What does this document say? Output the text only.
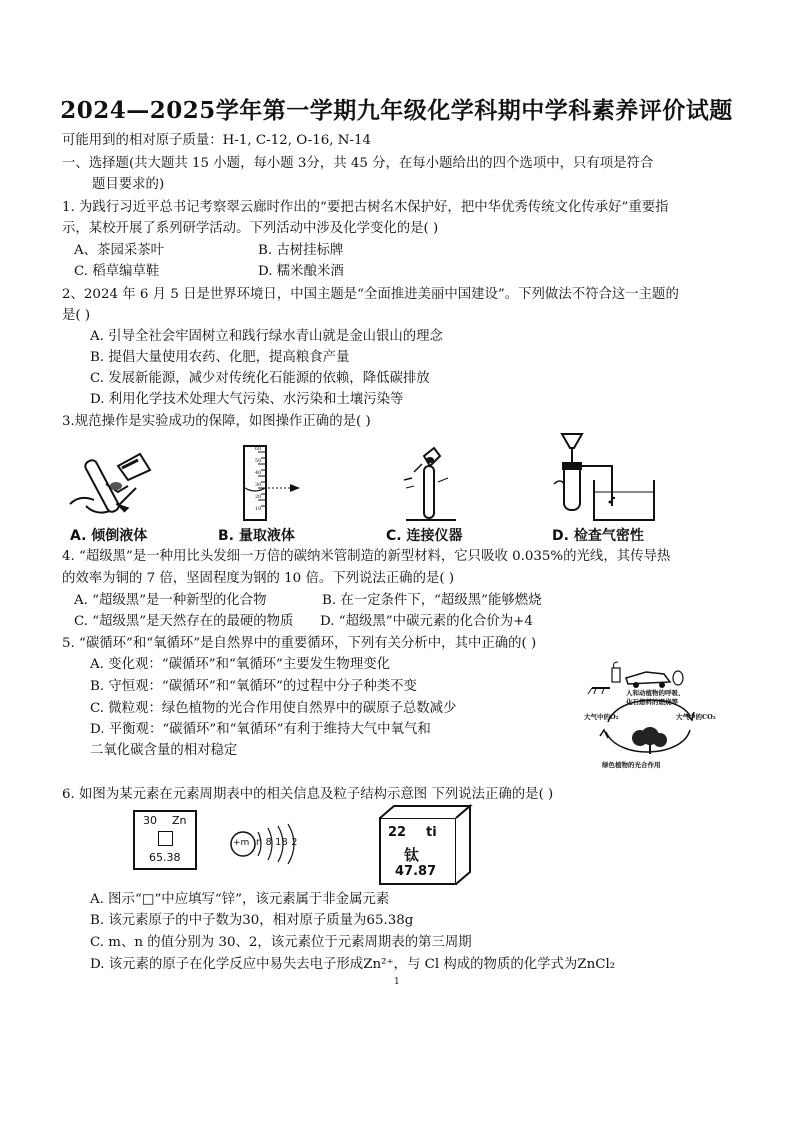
2024—2025学年第一学期九年级化学科期中学科素养评价试题
可能用到的相对原子质量：H-1, C-12, O-16, N-14
一、选择题(共大题共 15 小题，每小题 3分，共 45 分，在每小题给出的四个选项中，只有项是符合
题目要求的)
1. 为践行习近平总书记考察翠云廊时作出的“要把古树名木保护好，把中华优秀传统文化传承好”重要指
示，某校开展了系列研学活动。下列活动中涉及化学变化的是( )
A、茶园采茶叶	B. 古树挂标牌
C. 稻草编草鞋	D. 糯米酿米酒
2、2024 年 6 月 5 日是世界环境日，中国主题是“全面推进美丽中国建设”。下列做法不符合这一主题的
是( )
A. 引导全社会牢固树立和践行绿水青山就是金山银山的理念
B. 提倡大量使用农药、化肥，提高粮食产量
C. 发展新能源，减少对传统化石能源的依赖，降低碳排放
D. 利用化学技术处理大气污染、水污染和土壤污染等
3.规范操作是实验成功的保障，如图操作正确的是( )
A. 倾倒液体
60
50
40
30
20
10
B. 量取液体	C. 连接仪器	D. 检查气密性
4. “超级黑”是一种用比头发细一万倍的碳纳米管制造的新型材料，它只吸收 0.035%的光线，其传导热
的效率为铜的 7 倍，坚固程度为钢的 10 倍。下列说法正确的是( )
A. “超级黑”是一种新型的化合物	B. 在一定条件下，“超级黑”能够燃烧
C. “超级黑”是天然存在的最硬的物质 D. “超级黑”中碳元素的化合价为+4
5. “碳循环”和“氧循环”是自然界中的重要循环，下列有关分析中，其中正确的( )
A. 变化观：“碳循环”和“氧循环”主要发生物理变化
B. 守恒观：“碳循环”和“氧循环”的过程中分子种类不变
C. 微粒观：绿色植物的光合作用使自然界中的碳原子总数减少
D. 平衡观：“碳循环”和“氧循环”有利于维持大气中氧气和
二氧化碳含量的相对稳定
人和动植物的呼吸、
化石燃料的燃烧等
大气中的O₂	大气中的CO₂
绿色植物的光合作用
6. 如图为某元素在元素周期表中的相关信息及粒子结构示意图 下列说法正确的是( )
30 Zn
65.38
+m n 8 18 2
22 ti
钛
47.87
A. 图示“□”中应填写“锌”，该元素属于非金属元素
B. 该元素原子的中子数为30，相对原子质量为65.38g
C. m、n 的值分别为 30、2，该元素位于元素周期表的第三周期
D. 该元素的原子在化学反应中易失去电子形成Zn²⁺，与 Cl 构成的物质的化学式为ZnCl₂
1
